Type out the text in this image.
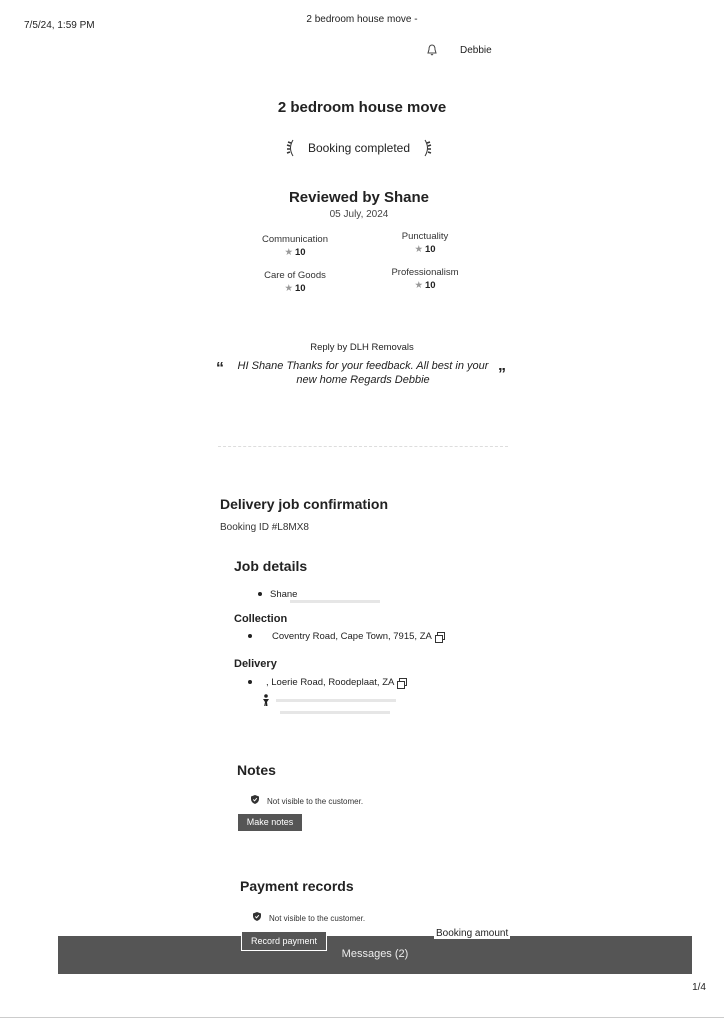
7/5/24, 1:59 PM
2 bedroom house move -
Debbie
2 bedroom house move
Booking completed
Reviewed by Shane
05 July, 2024
Communication
★ 10
Punctuality
★ 10
Care of Goods
★ 10
Professionalism
★ 10
Reply by DLH Removals
“	HI Shane Thanks for your feedback. All best in your new home Regards Debbie	”
Delivery job confirmation
Booking ID #L8MX8
Job details
Shane
Collection
Coventry Road, Cape Town, 7915, ZA
Delivery
, Loerie Road, Roodeplaat, ZA
Notes
Not visible to the customer.
Make notes
Payment records
Not visible to the customer.
Record payment
Booking amount
Messages (2)
1/4
